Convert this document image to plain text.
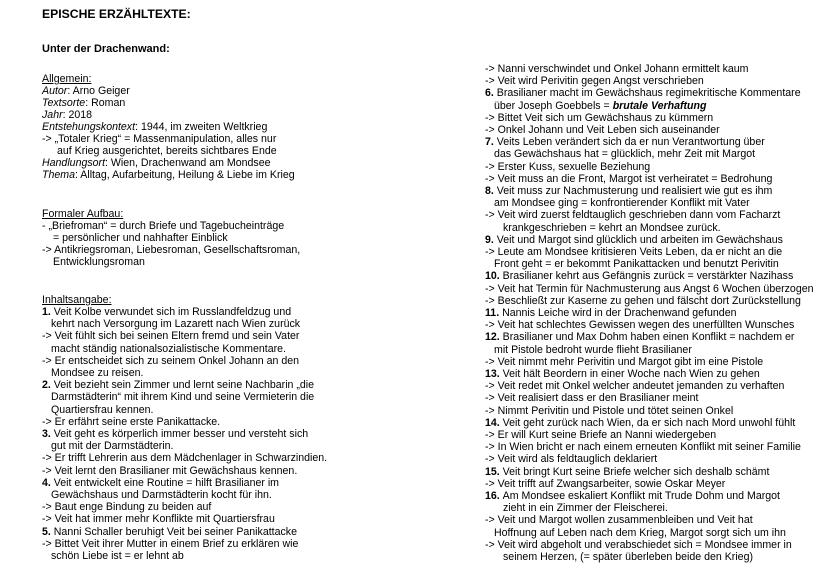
EPISCHE ERZÄHLTEXTE:
Unter der Drachenwand:
Allgemein:
Autor: Arno Geiger
Textsorte: Roman
Jahr: 2018
Entstehungskontext: 1944, im zweiten Weltkrieg
-> „Totaler Krieg“ = Massenmanipulation, alles nur
auf Krieg ausgerichtet, bereits sichtbares Ende
Handlungsort: Wien, Drachenwand am Mondsee
Thema: Alltag, Aufarbeitung, Heilung & Liebe im Krieg
Formaler Aufbau:
- „Briefroman“ = durch Briefe und Tagebucheinträge
= persönlicher und nahhafter Einblick
-> Antikriegsroman, Liebesroman, Gesellschaftsroman,
Entwicklungsroman
Inhaltsangabe:
1. Veit Kolbe verwundet sich im Russlandfeldzug und
kehrt nach Versorgung im Lazarett nach Wien zurück
-> Veit fühlt sich bei seinen Eltern fremd und sein Vater
macht ständig nationalsozialistische Kommentare.
-> Er entscheidet sich zu seinem Onkel Johann an den
Mondsee zu reisen.
2. Veit bezieht sein Zimmer und lernt seine Nachbarin „die
Darmstädterin“ mit ihrem Kind und seine Vermieterin die
Quartiersfrau kennen.
-> Er erfährt seine erste Panikattacke.
3. Veit geht es körperlich immer besser und versteht sich
gut mit der Darmstädterin.
-> Er trifft Lehrerin aus dem Mädchenlager in Schwarzindien.
-> Veit lernt den Brasilianer mit Gewächshaus kennen.
4. Veit entwickelt eine Routine = hilft Brasilianer im
Gewächshaus und Darmstädterin kocht für ihn.
-> Baut enge Bindung zu beiden auf
-> Veit hat immer mehr Konflikte mit Quartiersfrau
5. Nanni Schaller beruhigt Veit bei seiner Panikattacke
-> Bittet Veit ihrer Mutter in einem Brief zu erklären wie
schön Liebe ist = er lehnt ab
-> Nanni verschwindet und Onkel Johann ermittelt kaum
-> Veit wird Perivitin gegen Angst verschrieben
6. Brasilianer macht im Gewächshaus regimekritische Kommentare
über Joseph Goebbels = brutale Verhaftung
-> Bittet Veit sich um Gewächshaus zu kümmern
-> Onkel Johann und Veit Leben sich auseinander
7. Veits Leben verändert sich da er nun Verantwortung über
das Gewächshaus hat = glücklich, mehr Zeit mit Margot
-> Erster Kuss, sexuelle Beziehung
-> Veit muss an die Front, Margot ist verheiratet = Bedrohung
8. Veit muss zur Nachmusterung und realisiert wie gut es ihm
am Mondsee ging = konfrontierender Konflikt mit Vater
-> Veit wird zuerst feldtauglich geschrieben dann vom Facharzt
krankgeschrieben = kehrt an Mondsee zurück.
9. Veit und Margot sind glücklich und arbeiten im Gewächshaus
-> Leute am Mondsee kritisieren Veits Leben, da er nicht an die
Front geht = er bekommt Panikattacken und benutzt Perivitin
10. Brasilianer kehrt aus Gefängnis zurück = verstärkter Nazihass
-> Veit hat Termin für Nachmusterung aus Angst 6 Wochen überzogen
-> Beschließt zur Kaserne zu gehen und fälscht dort Zurückstellung
11. Nannis Leiche wird in der Drachenwand gefunden
-> Veit hat schlechtes Gewissen wegen des unerfüllten Wunsches
12. Brasilianer und Max Dohm haben einen Konflikt = nachdem er
mit Pistole bedroht wurde flieht Brasilianer
-> Veit nimmt mehr Perivitin und Margot gibt im eine Pistole
13. Veit hält Beordern in einer Woche nach Wien zu gehen
-> Veit redet mit Onkel welcher andeutet jemanden zu verhaften
-> Veit realisiert dass er den Brasilianer meint
-> Nimmt Perivitin und Pistole und tötet seinen Onkel
14. Veit geht zurück nach Wien, da er sich nach Mord unwohl fühlt
-> Er will Kurt seine Briefe an Nanni wiedergeben
-> In Wien bricht er nach einem erneuten Konflikt mit seiner Familie
-> Veit wird als feldtauglich deklariert
15. Veit bringt Kurt seine Briefe welcher sich deshalb schämt
-> Veit trifft auf Zwangsarbeiter, sowie Oskar Meyer
16. Am Mondsee eskaliert Konflikt mit Trude Dohm und Margot
zieht in ein Zimmer der Fleischerei.
-> Veit und Margot wollen zusammenbleiben und Veit hat
Hoffnung auf Leben nach dem Krieg, Margot sorgt sich um ihn
-> Veit wird abgeholt und verabschiedet sich = Mondsee immer in
seinem Herzen, (= später überleben beide den Krieg)
